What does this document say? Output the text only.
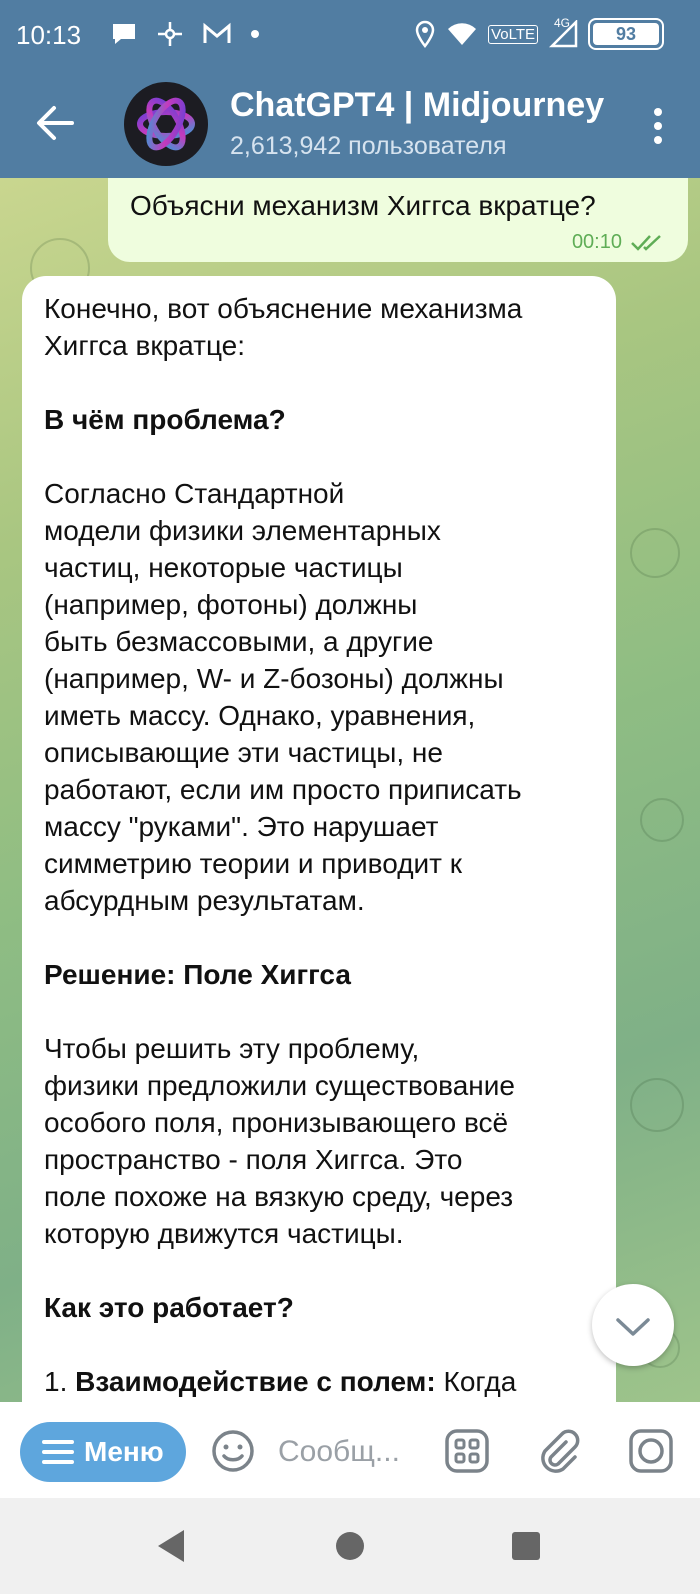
10:13	VoLTE
4G
93
ChatGPT4 | Midjourney
2,613,942 пользователя
Объясни механизм Хиггса вкратце?
00:10
Конечно, вот объяснение механизма
Хиггса вкратце:
В чём проблема?
Согласно Стандартной
модели физики элементарных
частиц, некоторые частицы
(например, фотоны) должны
быть безмассовыми, а другие
(например, W- и Z-бозоны) должны
иметь массу. Однако, уравнения,
описывающие эти частицы, не
работают, если им просто приписать
массу "руками". Это нарушает
симметрию теории и приводит к
абсурдным результатам.
Решение: Поле Хиггса
Чтобы решить эту проблему,
физики предложили существование
особого поля, пронизывающего всё
пространство - поля Хиггса. Это
поле похоже на вязкую среду, через
которую движутся частицы.
Как это работает?
1. Взаимодействие с полем: Когда
Меню
Сообщ...
